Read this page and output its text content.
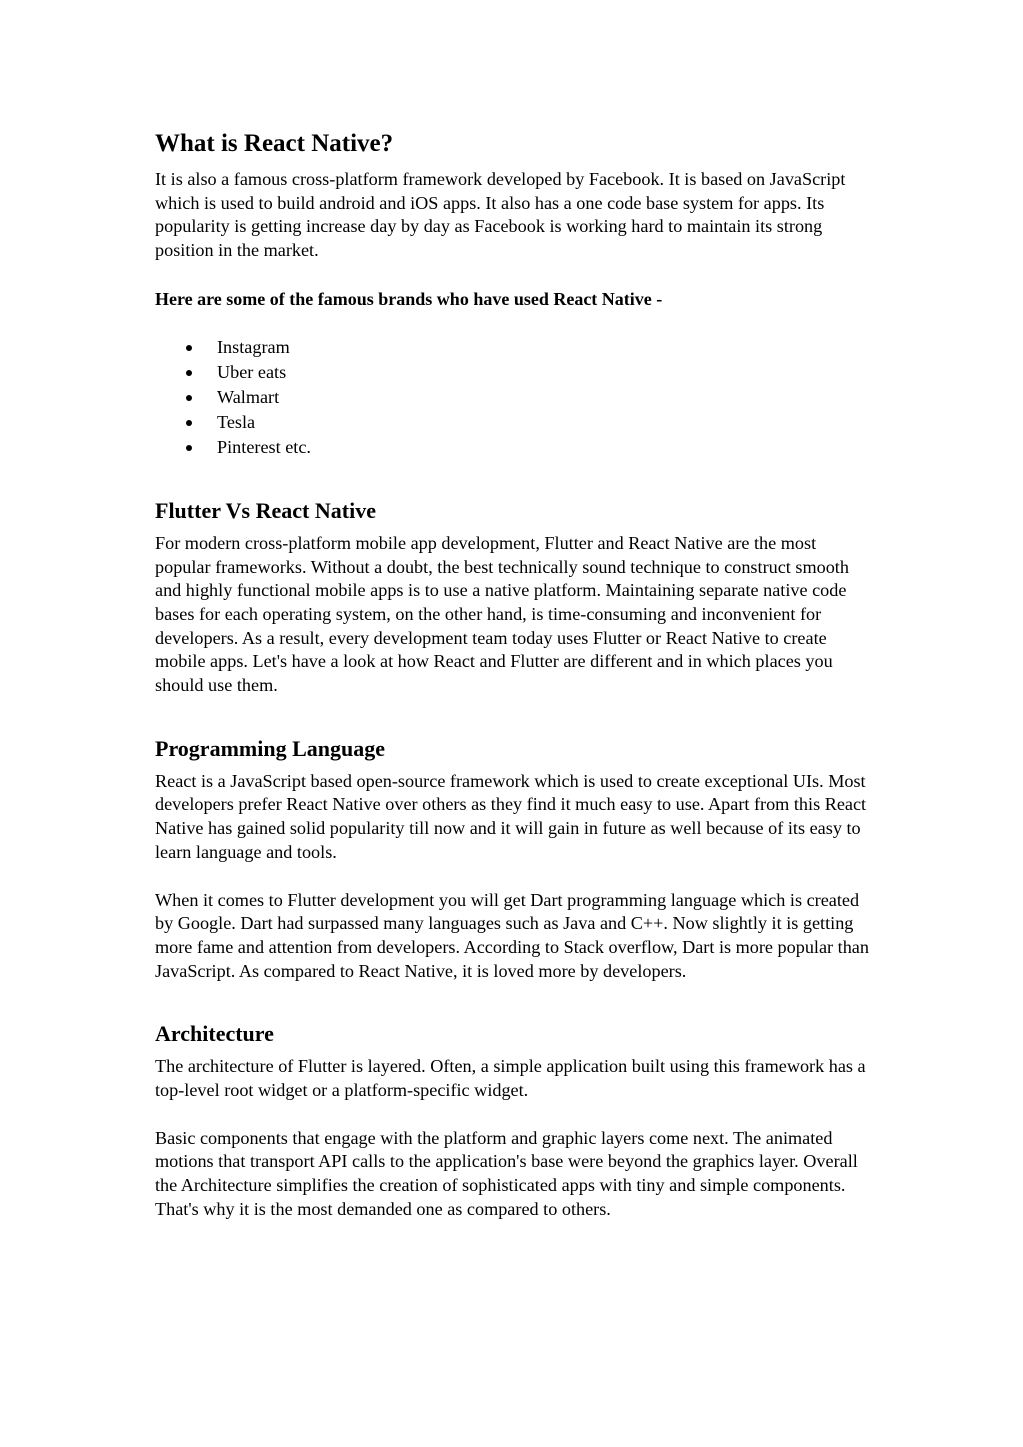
What is React Native?

It is also a famous cross-platform framework developed by Facebook. It is based on JavaScript which is used to build android and iOS apps. It also has a one code base system for apps. Its popularity is getting increase day by day as Facebook is working hard to maintain its strong position in the market.

Here are some of the famous brands who have used React Native -

Instagram
Uber eats
Walmart
Tesla
Pinterest etc.
Flutter Vs React Native

For modern cross-platform mobile app development, Flutter and React Native are the most popular frameworks. Without a doubt, the best technically sound technique to construct smooth and highly functional mobile apps is to use a native platform. Maintaining separate native code bases for each operating system, on the other hand, is time-consuming and inconvenient for developers. As a result, every development team today uses Flutter or React Native to create mobile apps. Let's have a look at how React and Flutter are different and in which places you should use them.

Programming Language

React is a JavaScript based open-source framework which is used to create exceptional UIs. Most developers prefer React Native over others as they find it much easy to use. Apart from this React Native has gained solid popularity till now and it will gain in future as well because of its easy to learn language and tools.

When it comes to Flutter development you will get Dart programming language which is created by Google. Dart had surpassed many languages such as Java and C++. Now slightly it is getting more fame and attention from developers. According to Stack overflow, Dart is more popular than JavaScript. As compared to React Native, it is loved more by developers.

Architecture

The architecture of Flutter is layered. Often, a simple application built using this framework has a top-level root widget or a platform-specific widget.

Basic components that engage with the platform and graphic layers come next. The animated motions that transport API calls to the application's base were beyond the graphics layer. Overall the Architecture simplifies the creation of sophisticated apps with tiny and simple components. That's why it is the most demanded one as compared to others.
